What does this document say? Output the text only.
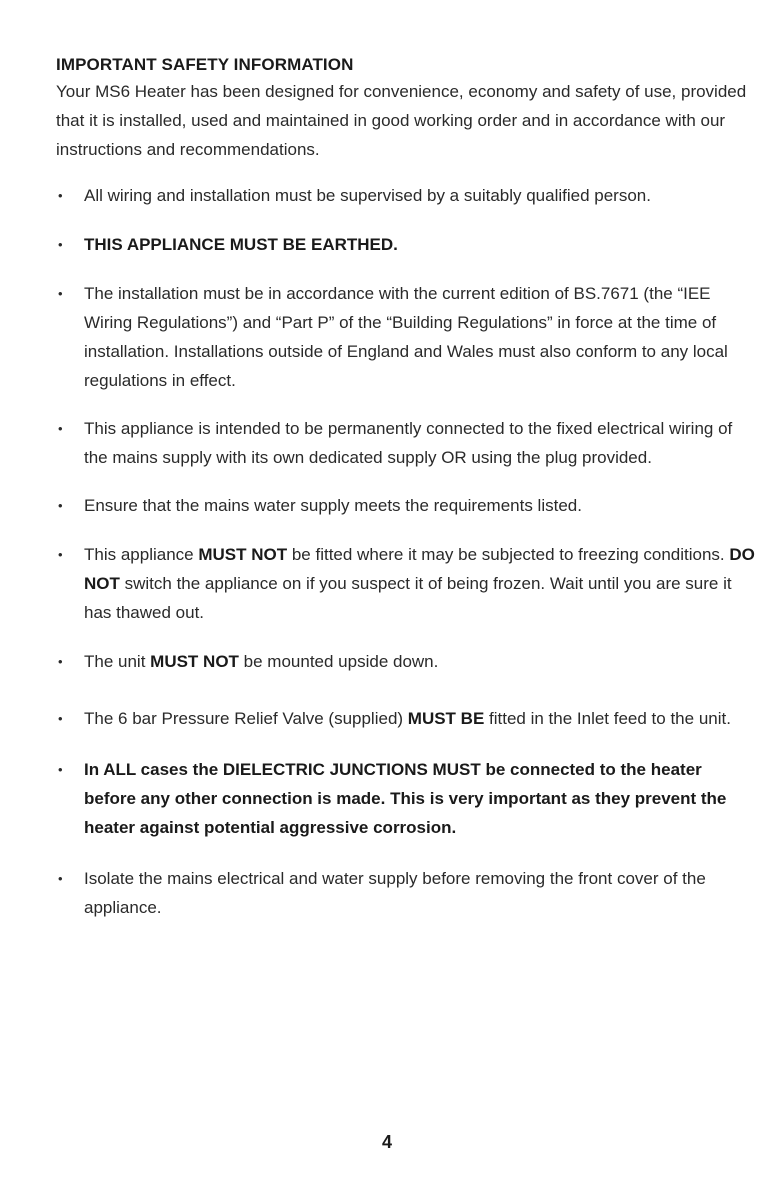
IMPORTANT SAFETY INFORMATION

Your MS6 Heater has been designed for convenience, economy and safety of use, provided that it is installed, used and maintained in good working order and in accordance with our instructions and recommendations.

• All wiring and installation must be supervised by a suitably qualified person.
• THIS APPLIANCE MUST BE EARTHED.
• The installation must be in accordance with the current edition of BS.7671 (the “IEE Wiring Regulations”) and “Part P” of the “Building Regulations” in force at the time of installation. Installations outside of England and Wales must also conform to any local regulations in effect.
• This appliance is intended to be permanently connected to the fixed electrical wiring of the mains supply with its own dedicated supply OR using the plug provided.
• Ensure that the mains water supply meets the requirements listed.
• This appliance MUST NOT be fitted where it may be subjected to freezing conditions. DO NOT switch the appliance on if you suspect it of being frozen. Wait until you are sure it has thawed out.
• The unit MUST NOT be mounted upside down.
• The 6 bar Pressure Relief Valve (supplied) MUST BE fitted in the Inlet feed to the unit.
• In ALL cases the DIELECTRIC JUNCTIONS MUST be connected to the heater before any other connection is made. This is very important as they prevent the heater against potential aggressive corrosion.
• Isolate the mains electrical and water supply before removing the front cover of the appliance.
4
